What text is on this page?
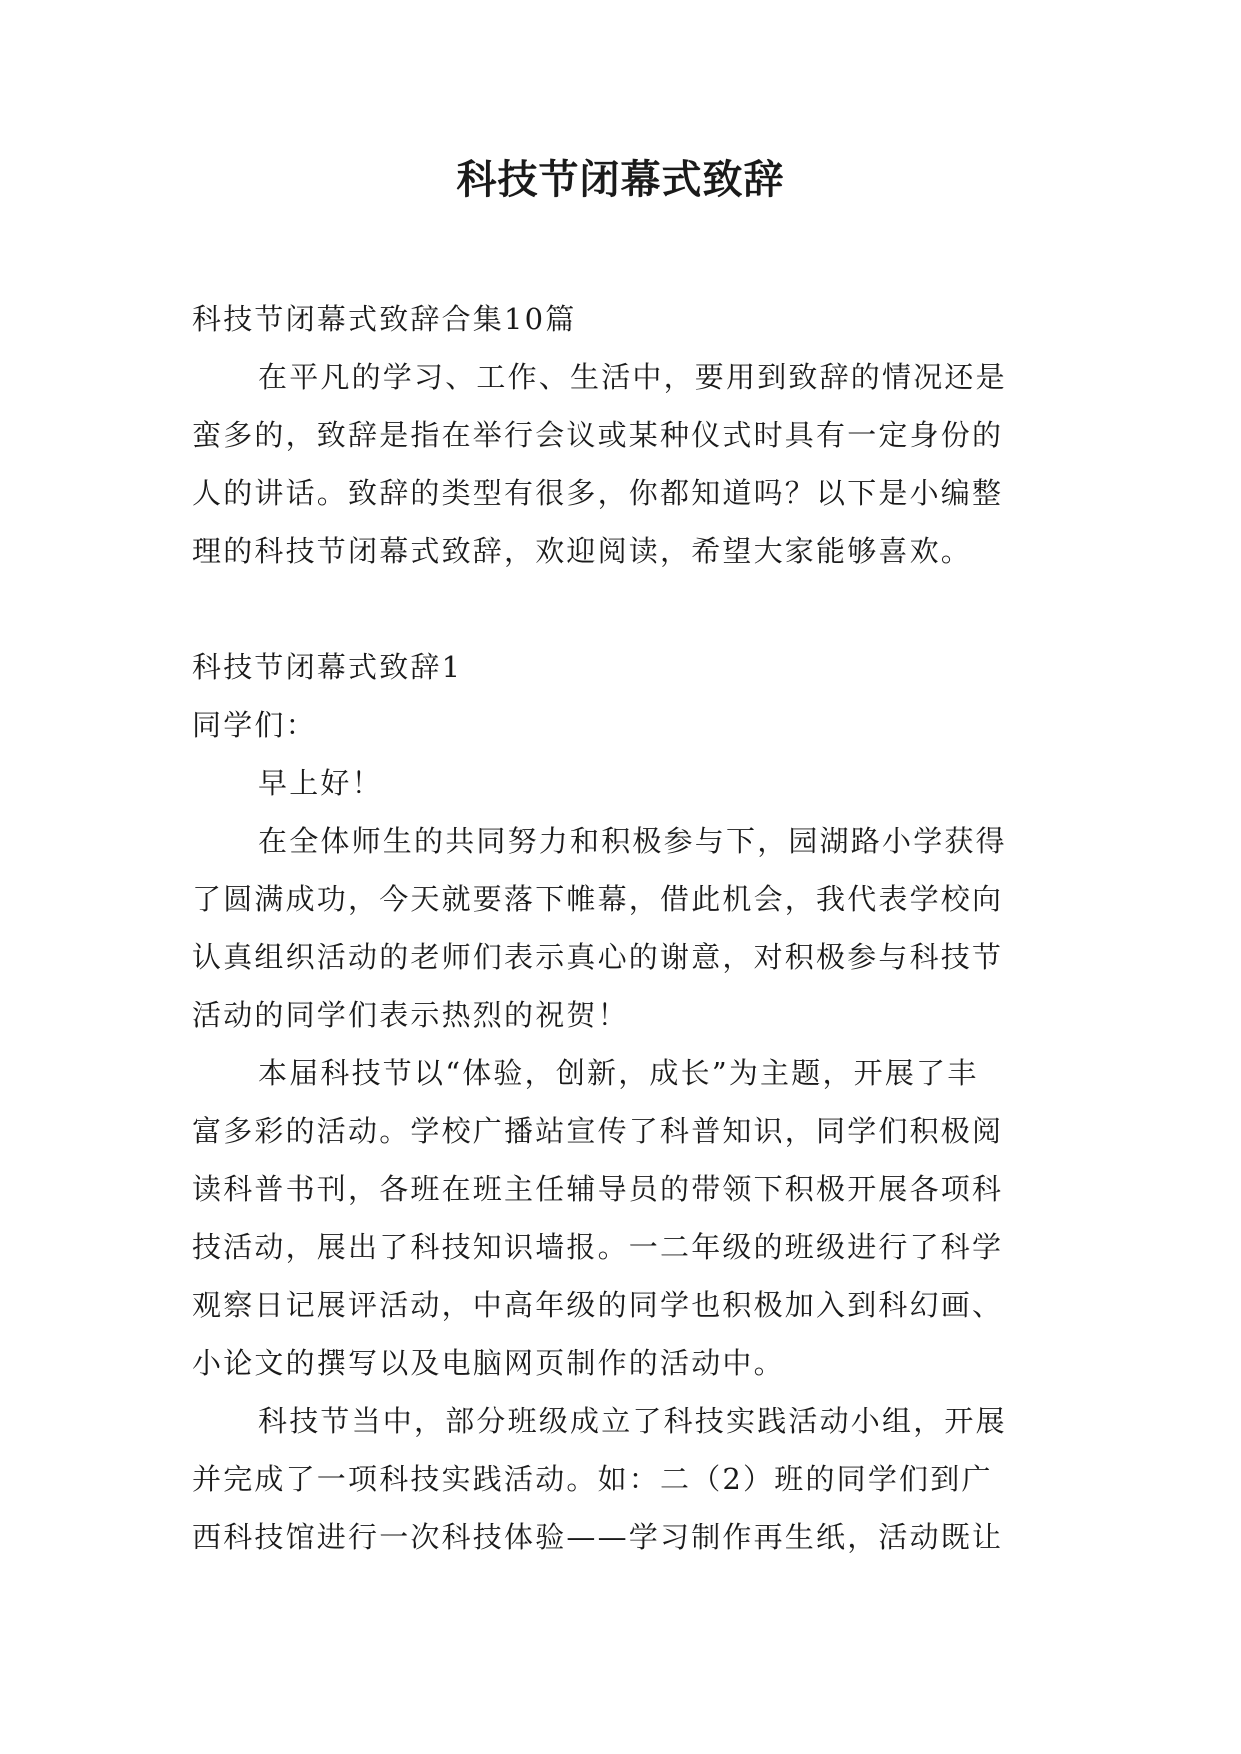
科技节闭幕式致辞
科技节闭幕式致辞合集10篇
在平凡的学习、工作、生活中，要用到致辞的情况还是
蛮多的，致辞是指在举行会议或某种仪式时具有一定身份的
人的讲话。致辞的类型有很多，你都知道吗？以下是小编整
理的科技节闭幕式致辞，欢迎阅读，希望大家能够喜欢。
科技节闭幕式致辞1
同学们：
早上好！
在全体师生的共同努力和积极参与下，园湖路小学获得
了圆满成功，今天就要落下帷幕，借此机会，我代表学校向
认真组织活动的老师们表示真心的谢意，对积极参与科技节
活动的同学们表示热烈的祝贺！
本届科技节以“体验，创新，成长”为主题，开展了丰
富多彩的活动。学校广播站宣传了科普知识，同学们积极阅
读科普书刊，各班在班主任辅导员的带领下积极开展各项科
技活动，展出了科技知识墙报。一二年级的班级进行了科学
观察日记展评活动，中高年级的同学也积极加入到科幻画、
小论文的撰写以及电脑网页制作的活动中。
科技节当中，部分班级成立了科技实践活动小组，开展
并完成了一项科技实践活动。如：二（2）班的同学们到广
西科技馆进行一次科技体验——学习制作再生纸，活动既让
